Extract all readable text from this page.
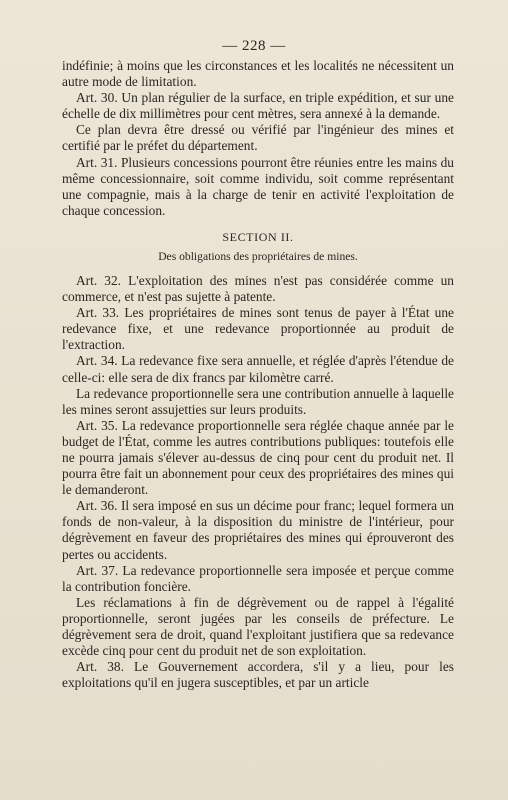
— 228 —

indéfinie; à moins que les circonstances et les localités ne nécessitent un autre mode de limitation.

Art. 30. Un plan régulier de la surface, en triple expédition, et sur une échelle de dix millimètres pour cent mètres, sera annexé à la demande.

Ce plan devra être dressé ou vérifié par l'ingénieur des mines et certifié par le préfet du département.

Art. 31. Plusieurs concessions pourront être réunies entre les mains du même concessionnaire, soit comme individu, soit comme représentant une compagnie, mais à la charge de tenir en activité l'exploitation de chaque concession.

SECTION II.
Des obligations des propriétaires de mines.

Art. 32. L'exploitation des mines n'est pas considérée comme un commerce, et n'est pas sujette à patente.

Art. 33. Les propriétaires de mines sont tenus de payer à l'État une redevance fixe, et une redevance proportionnée au produit de l'extraction.

Art. 34. La redevance fixe sera annuelle, et réglée d'après l'étendue de celle-ci: elle sera de dix francs par kilomètre carré.

La redevance proportionnelle sera une contribution annuelle à laquelle les mines seront assujetties sur leurs produits.

Art. 35. La redevance proportionnelle sera réglée chaque année par le budget de l'État, comme les autres contributions publiques: toutefois elle ne pourra jamais s'élever au-dessus de cinq pour cent du produit net. Il pourra être fait un abonnement pour ceux des propriétaires des mines qui le demanderont.

Art. 36. Il sera imposé en sus un décime pour franc; lequel formera un fonds de non-valeur, à la disposition du ministre de l'intérieur, pour dégrèvement en faveur des propriétaires des mines qui éprouveront des pertes ou accidents.

Art. 37. La redevance proportionnelle sera imposée et perçue comme la contribution foncière.

Les réclamations à fin de dégrèvement ou de rappel à l'égalité proportionnelle, seront jugées par les conseils de préfecture. Le dégrèvement sera de droit, quand l'exploitant justifiera que sa redevance excède cinq pour cent du produit net de son exploitation.

Art. 38. Le Gouvernement accordera, s'il y a lieu, pour les exploitations qu'il en jugera susceptibles, et par un article
